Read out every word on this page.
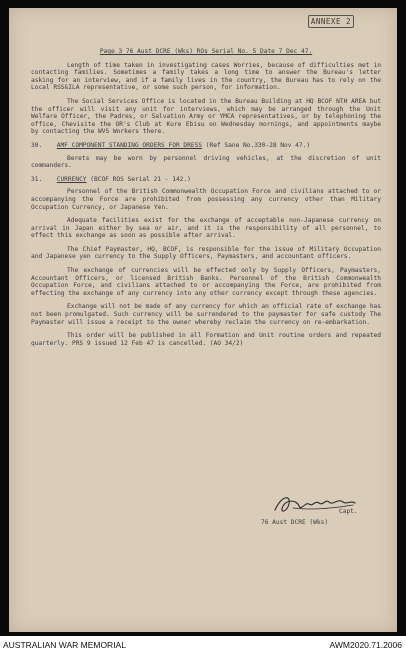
ANNEXE 2
Page 3 76 Aust DCRE (Wks) ROs Serial No. 5 Date 7 Dec 47.

Length of time taken in investigating cases Worries, because of difficulties met in contacting families. Sometimes a family takes a long time to answer the Bureau's letter asking for an interview, and if a family lives in the country, the Bureau has to rely on the Local RSS&ILA representative, or some such person, for information.

The Social Services Office is located in the Bureau Building at HQ BCOF NTH AREA but the officer will visit any unit for interviews, which may be arranged through the Unit Welfare Officer, the Padres, or Salvation Army or YMCA representatives, or by telephoning the office, Chevisite the OR's Club at Kure Ebisu on Wednesday mornings, and appointments maybe by contacting the WVS Workers there.

30. AMF COMPONENT STANDING ORDERS FOR DRESS (Ref Sane No.330-28 Nov 47.)

Berets may be worn by personnel driving vehicles, at the discretion of unit commanders.

31. CURRENCY (BCOF ROS Serial 21 - 142.)

Personnel of the British Commonwealth Occupation Force and civilians attached to or accompanying the Force are prohibited from possessing any currency other than Military Occupation Currency, or Japanese Yen.

Adequate facilities exist for the exchange of acceptable non-Japanese currency on arrival in Japan either by sea or air, and it is the responsibility of all personnel, to effect this exchange as soon as possible after arrival.

The Chief Paymaster, HQ, BCOF, is responsible for the issue of Military Occupation and Japanese yen currency to the Supply Officers, Paymasters, and accountant officers.

The exchange of currencies will be effected only by Supply Officers, Paymasters, Accountant Officers, or licensed British Banks. Personnel of the British Commonwealth Occupation Force, and civilians attached to or accompanying the Force, are prohibited from effecting the exchange of any currency into any other currency except through these agencies.

Exchange will not be made of any currency for which an official rate of exchange has not been promulgated. Such currency will be surrendered to the paymaster for safe custody The Paymaster will issue a receipt to the owner whereby reclaim the currency on re-embarkation.

This order will be published in all Formation and Unit routine orders and repeated quarterly. PRS 9 issued 12 Feb 47 is cancelled. (AO 34/2)

Capt.
76 Aust DCRE (Wks)
AUSTRALIAN WAR MEMORIAL	AWM2020.71.2006
